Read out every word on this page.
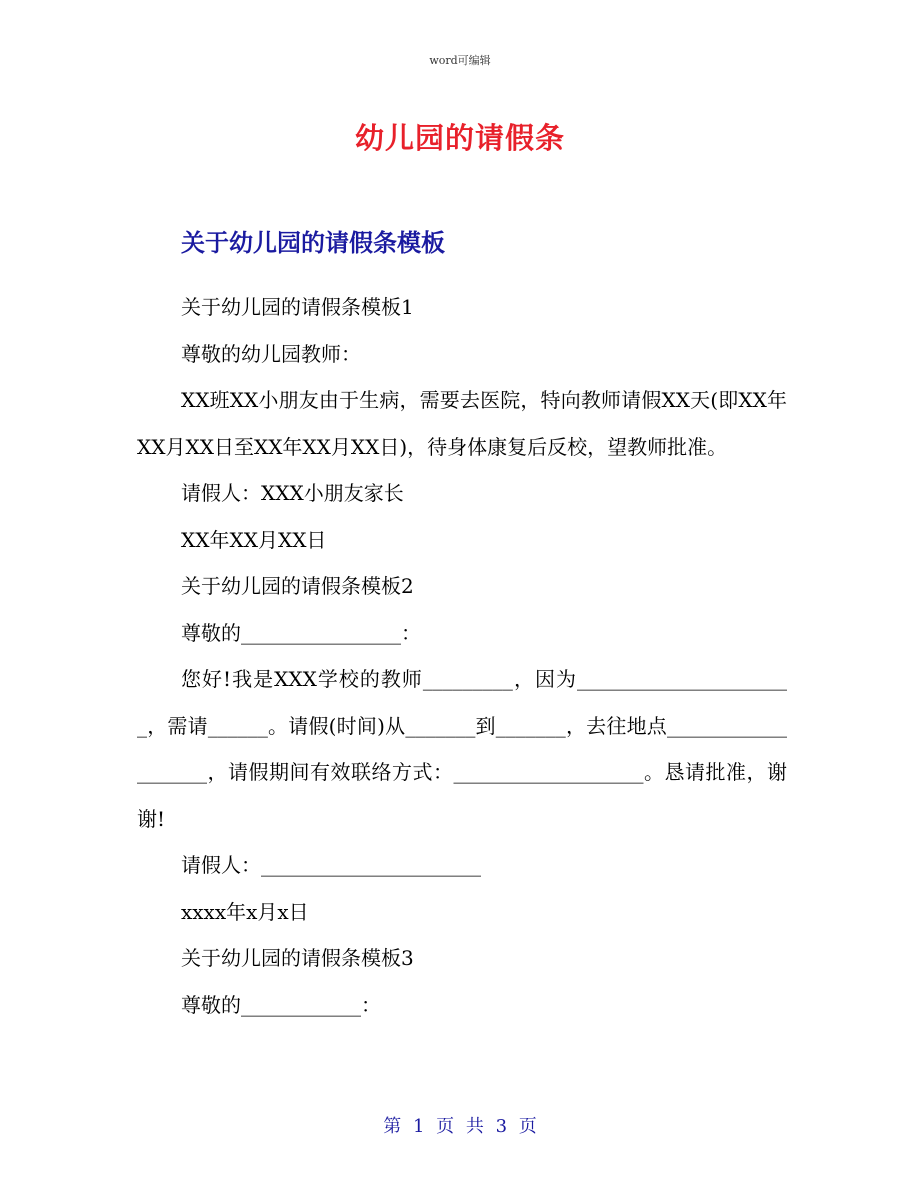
word可编辑
幼儿园的请假条
关于幼儿园的请假条模板

关于幼儿园的请假条模板1

尊敬的幼儿园教师：

XX班XX小朋友由于生病，需要去医院，特向教师请假XX天(即XX年XX月XX日至XX年XX月XX日)，待身体康复后反校，望教师批准。

请假人：XXX小朋友家长

XX年XX月XX日

关于幼儿园的请假条模板2

尊敬的________________：

您好!我是XXX学校的教师_________，因为______________________，需请______。请假(时间)从_______到_______，去往地点___________________，请假期间有效联络方式：___________________。恳请批准，谢谢!

请假人：______________________

xxxx年x月x日

关于幼儿园的请假条模板3

尊敬的____________：

第 1 页 共 3 页
